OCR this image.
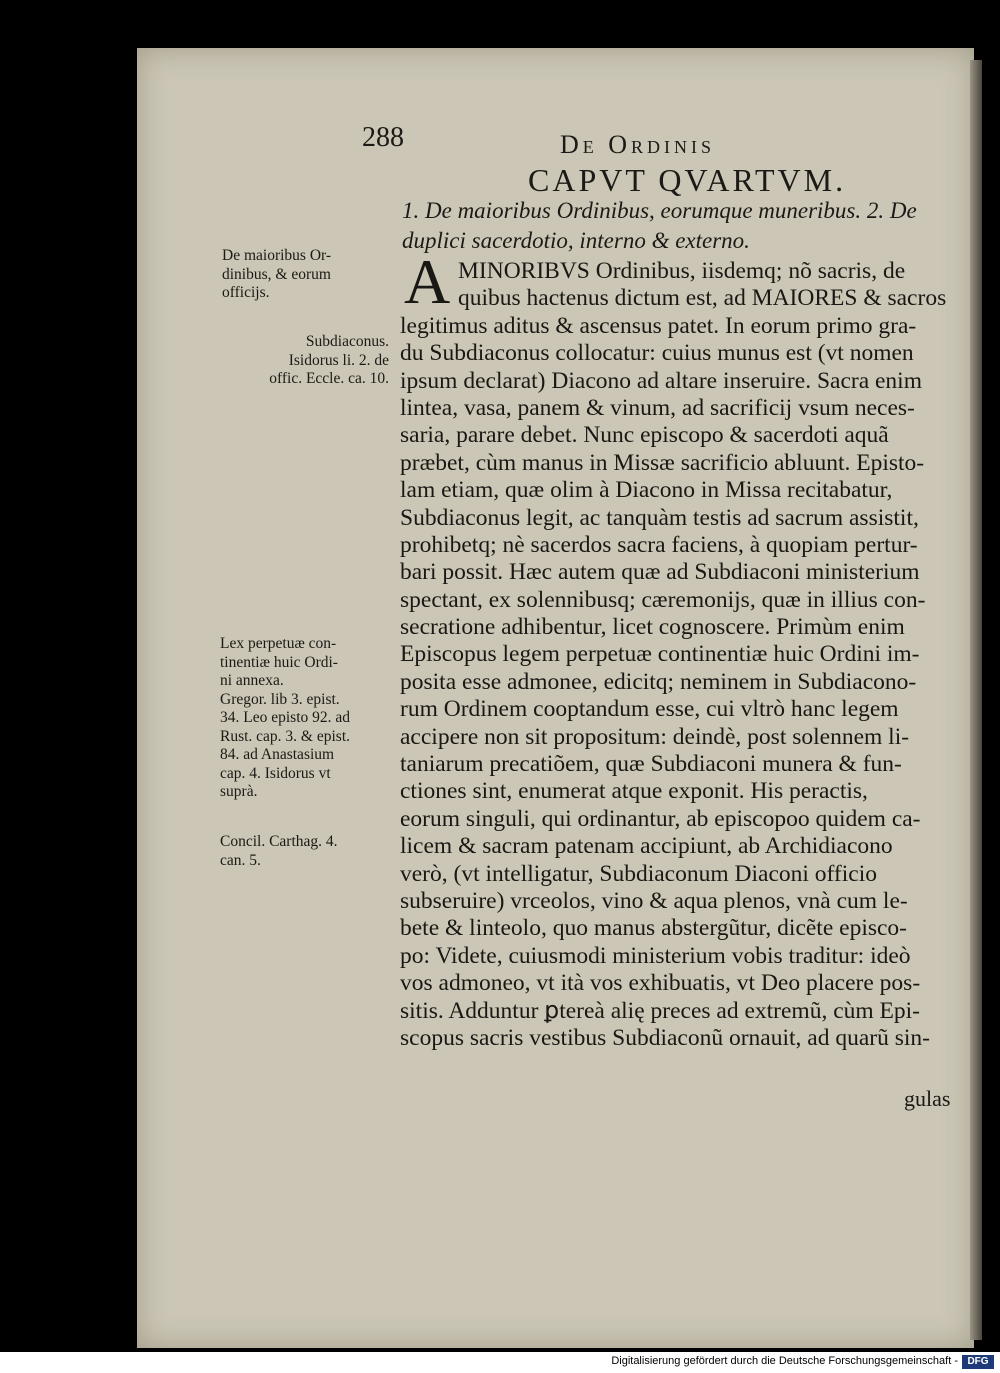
288	De Ordinis
CAPVT QVARTVM.
1. De maioribus Ordinibus, eorumque muneribus. 2. De duplici sacerdotio, interno & externo.
A MINORIBVS Ordinibus, iisdemq; nõ sacris, de
quibus hactenus dictum est, ad MAIORES & sacros
legitimus aditus & ascensus patet. In eorum primo gra-
du Subdiaconus collocatur: cuius munus est (vt nomen
ipsum declarat) Diacono ad altare inseruire. Sacra enim
lintea, vasa, panem & vinum, ad sacrificij vsum neces-
saria, parare debet. Nunc episcopo & sacerdoti aquã
præbet, cùm manus in Missæ sacrificio abluunt. Episto-
lam etiam, quæ olim à Diacono in Missa recitabatur,
Subdiaconus legit, ac tanquàm testis ad sacrum assistit,
prohibetq; nè sacerdos sacra faciens, à quopiam pertur-
bari possit. Hæc autem quæ ad Subdiaconi ministerium
spectant, ex solennibusq; cæremonijs, quæ in illius con-
secratione adhibentur, licet cognoscere. Primùm enim
Episcopus legem perpetuæ continentiæ huic Ordini im-
posita esse admonee, edicitq; neminem in Subdiacono-
rum Ordinem cooptandum esse, cui vltrò hanc legem
accipere non sit propositum: deindè, post solennem li-
taniarum precatiõem, quæ Subdiaconi munera & fun-
ctiones sint, enumerat atque exponit. His peractis,
eorum singuli, qui ordinantur, ab episcopoo quidem ca-
licem & sacram patenam accipiunt, ab Archidiacono
verò, (vt intelligatur, Subdiaconum Diaconi officio
subseruire) vrceolos, vino & aqua plenos, vnà cum le-
bete & linteolo, quo manus abstergũtur, dicẽte episco-
po: Videte, cuiusmodi ministerium vobis traditur: ideò
vos admoneo, vt ità vos exhibuatis, vt Deo placere pos-
sitis. Adduntur ꝑtereà alię preces ad extremũ, cùm Epi-
scopus sacris vestibus Subdiaconũ ornauit, ad quarũ sin-
gulas
De maioribus Or-
dinibus, & eorum
officijs.
Subdiaconus.
Isidorus li. 2. de
offic. Eccle. ca. 10.
Lex perpetuæ con-
tinentiæ huic Ordi-
ni annexa.
Gregor. lib 3. epist.
34. Leo episto 92. ad
Rust. cap. 3. & epist.
84. ad Anastasium
cap. 4. Isidorus vt
suprà.
Concil. Carthag. 4.
can. 5.
Digitalisierung gefördert durch die Deutsche Forschungsgemeinschaft - DFG
